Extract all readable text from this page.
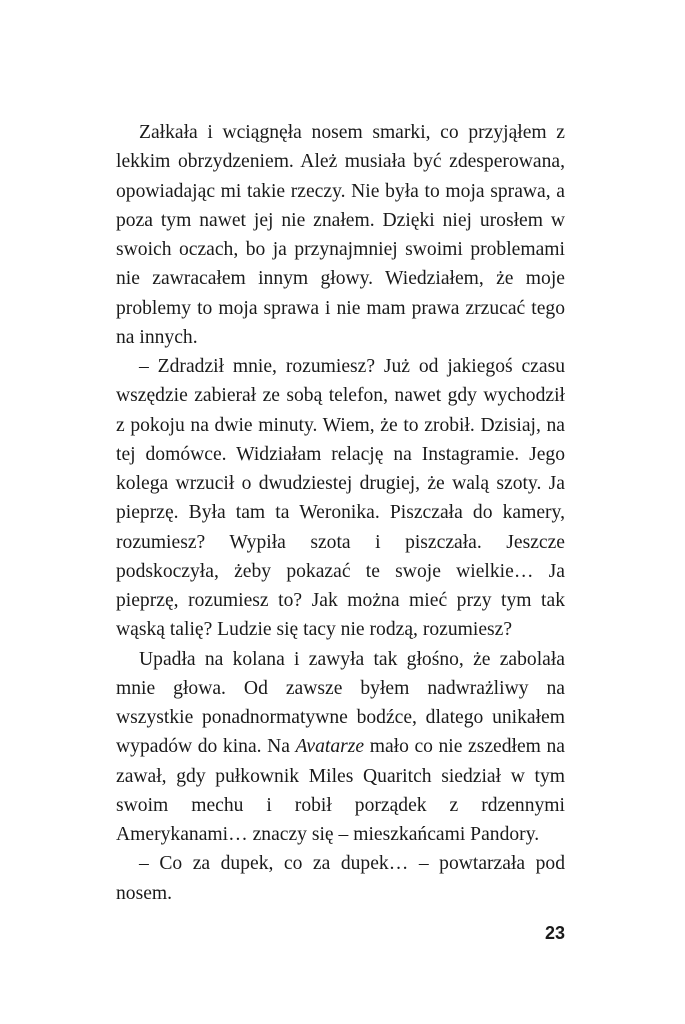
Załkała i wciągnęła nosem smarki, co przyjąłem z lekkim obrzydzeniem. Ależ musiała być zdesperowana, opowiadając mi takie rzeczy. Nie była to moja sprawa, a poza tym nawet jej nie znałem. Dzięki niej urosłem w swoich oczach, bo ja przynajmniej swoimi problemami nie zawracałem innym głowy. Wiedziałem, że moje problemy to moja sprawa i nie mam prawa zrzucać tego na innych.

– Zdradził mnie, rozumiesz? Już od jakiegoś czasu wszędzie zabierał ze sobą telefon, nawet gdy wychodził z pokoju na dwie minuty. Wiem, że to zrobił. Dzisiaj, na tej domówce. Widziałam relację na Instagramie. Jego kolega wrzucił o dwudziestej drugiej, że walą szoty. Ja pieprzę. Była tam ta Weronika. Piszczała do kamery, rozumiesz? Wypiła szota i piszczała. Jeszcze podskoczyła, żeby pokazać te swoje wielkie… Ja pieprzę, rozumiesz to? Jak można mieć przy tym tak wąską talię? Ludzie się tacy nie rodzą, rozumiesz?

Upadła na kolana i zawyła tak głośno, że zabolała mnie głowa. Od zawsze byłem nadwrażliwy na wszystkie ponadnormatywne bodźce, dlatego unikałem wypadów do kina. Na Avatarze mało co nie zszedłem na zawał, gdy pułkownik Miles Quaritch siedział w tym swoim mechu i robił porządek z rdzennymi Amerykanami… znaczy się – mieszkańcami Pandory.

– Co za dupek, co za dupek… – powtarzała pod nosem.

23
